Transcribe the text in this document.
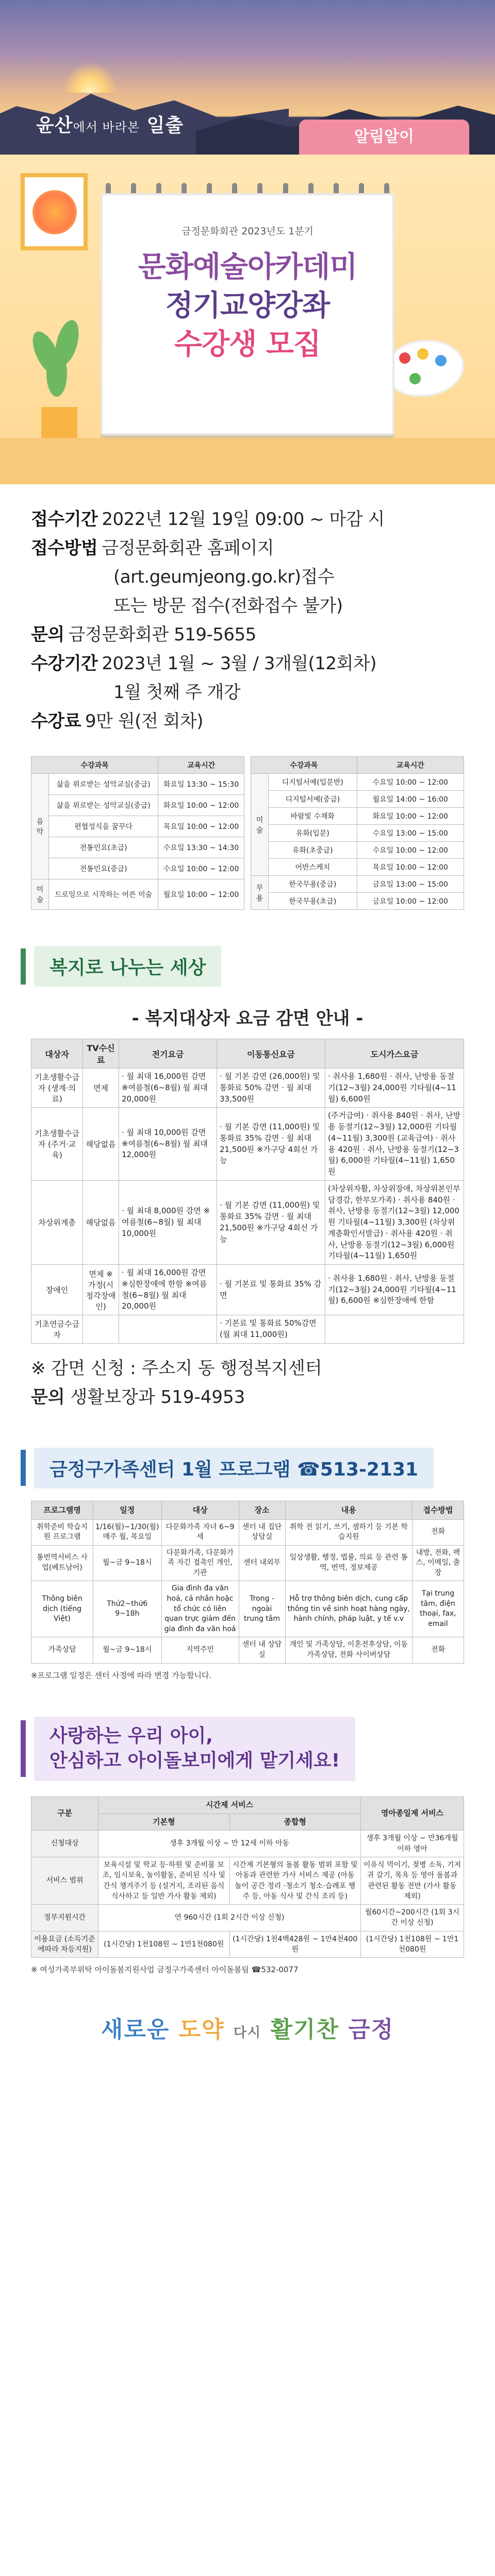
윤산에서 바라본 일출
알림알이
금정문화회관 2023년도 1분기
문화예술아카데미
정기교양강좌
수강생 모집
접수기간 2022년 12월 19일 09:00 ~ 마감 시
접수방법 금정문화회관 홈페이지
(art.geumjeong.go.kr)접수
또는 방문 접수(전화접수 불가)
문의 금정문화회관 519-5655
수강기간 2023년 1월 ~ 3월 / 3개월(12회차)
1월 첫째 주 개강
수강료 9만 원(전 회차)
수강과목		교육시간
음악	삶을 위로받는 성악교실(중급)	화요일 13:30 ~ 15:30
	삶을 위로받는 성악교실(중급)	화요일 10:00 ~ 12:00
	편협성식을 꿈꾸다	목요일 10:00 ~ 12:00
	전통민요(초급)	수요일 13:30 ~ 14:30
	전통민요(중급)	수요일 10:00 ~ 12:00
미술	드로잉으로 시작하는 어른 미술	월요일 10:00 ~ 12:00
수강과목		교육시간
미술	디지털서예(입문반)	수요일 10:00 ~ 12:00
	디지털서예(중급)	월요일 14:00 ~ 16:00
	바람빛 수채화	화요일 10:00 ~ 12:00
	유화(입문)	수요일 13:00 ~ 15:00
	유화(초중급)	수요일 10:00 ~ 12:00
	어반스케치	목요일 10:00 ~ 12:00
무용	한국무용(중급)	금요일 13:00 ~ 15:00
	한국무용(초급)	금요일 10:00 ~ 12:00
복지로 나누는 세상
- 복지대상자 요금 감면 안내 -
대상자	TV수신료	전기요금	이동통신요금	도시가스요금
기초생활수급자 (생계·의료)	면제	· 월 최대 16,000원 감면 ※여름철(6~8월) 월 최대 20,000원	· 월 기본 감면 (26,000원) 및 통화료 50% 감면 · 월 최대 33,500원	· 취사용 1,680원 · 취사, 난방용 동절기(12~3월) 24,000원 기타월(4~11월) 6,600원
기초생활수급자 (주거·교육)	해당없음	· 월 최대 10,000원 감면 ※여름철(6~8월) 월 최대 12,000원	· 월 기본 감면 (11,000원) 및 통화료 35% 감면 · 월 최대 21,500원 ※가구당 4회선 가능	(주거급여) · 취사용 840원 · 취사, 난방용 동절기(12~3월) 12,000원 기타월(4~11월) 3,300원 (교육급여) · 취사용 420원 · 취사, 난방용 동절기(12~3월) 6,000원 기타월(4~11월) 1,650원
차상위계층	해당없음	· 월 최대 8,000원 감면 ※여름철(6~8월) 월 최대 10,000원	· 월 기본 감면 (11,000원) 및 통화료 35% 감면 · 월 최대 21,500원 ※가구당 4회선 가능	(차상위자활, 차상위장애, 차상위본인부담경감, 한부모가족) · 취사용 840원 · 취사, 난방용 동절기(12~3월) 12,000원 기타월(4~11월) 3,300원 (차상위계층확인서발급) · 취사용 420원 · 취사, 난방용 동절기(12~3월) 6,000원 기타월(4~11월) 1,650원
장애인	면제 ※ 가정(시청각장애인)	· 월 최대 16,000원 감면 ※심한장애에 한함 ※여름철(6~8월) 월 최대 20,000원	· 월 기본료 및 통화료 35% 감면	· 취사용 1,680원 · 취사, 난방용 동절기(12~3월) 24,000원 기타월(4~11월) 6,600원 ※심한장애에 한함
기초연금수급자			· 기본료 및 통화료 50%감면 (월 최대 11,000원)	
※ 감면 신청 : 주소지 동 행정복지센터
문의 생활보장과 519-4953
금정구가족센터 1월 프로그램 ☎513-2131
프로그램명	일정	대상	장소	내용	접수방법
취학준비 학습지원 프로그램	1/16(월)~1/30(월) 매주 월, 목요일	다문화가족 자녀 6~9세	센터 내 집단상담실	취학 전 읽기, 쓰기, 셈하기 등 기본 학습지원	전화
통번역서비스 사업(베트남어)	월~금 9~18시	다문화가족, 다문화가족 자긴 접촉인 개인, 기관	센터 내외부	일상생활, 행정, 법률, 의료 등 관련 통역, 번역, 정보제공	내방, 전화, 팩스, 이메일, 출장
Thông biên dịch (tiếng Việt)	Thứ2~thứ6 9~18h	Gia đình đa văn hoá, cá nhân hoặc tổ chức có liên quan trực giảm đến gia đình đa văn hoá	Trong -ngoài trung tâm	Hỗ trợ thông biên dịch, cung cấp thông tin về sinh hoạt hàng ngày, hành chính, pháp luật, y tế v.v	Tại trung tâm, điện thoại, fax, email
가족상담	월~금 9~18시	지역주민	센터 내 상담실	개인 및 가족상담, 이혼전후상담, 이동가족상담, 전화 사이버상담	전화
※프로그램 일정은 센터 사정에 따라 변경 가능합니다.
사랑하는 우리 아이,
안심하고 아이돌보미에게 맡기세요!
구분	시간제 서비스		영아종일제 서비스
	기본형	종합형	
신청대상	생후 3개월 이상 ~ 만 12세 이하 아동		생후 3개월 이상 ~ 만36개월 이하 영아
서비스 범위	보육시설 및 학교 등·하원 및 준비물 보조, 임시보육, 놀이활동, 준비된 식사 및 간식 챙겨주기 등 (설거지, 조리된 음식 식사하고 등 일반 가사 활동 제외)	시간제 기본형의 돌봄 활동 범위 포함 및 아동과 관련한 가사 서비스 제공 (아동 놀이 공간 정리 ·청소기 청소·습례포 행주 등, 아동 식사 및 간식 조리 등)	이유식 먹이기, 젖병 소독, 기저귀 갈기, 목욕 등 영아 돌봄과 관련된 활동 전반 (가사 활동 제외)
정부지원시간	연 960시간 (1회 2시간 이상 신청)		월60시간~200시간 (1회 3시간 이상 신청)
이용요금 (소득기준에따라 차등지원)	(1시간당) 1천108원 ~ 1만1천080원	(1시간당) 1천4백428원 ~ 1만4천400원	(1시간당) 1천108원 ~ 1만1천080원
※ 여성가족부위탁 아이돌봄지원사업 금정구가족센터 아이돌봄팀 ☎532-0077
새로운 도약 다시 활기찬 금정
